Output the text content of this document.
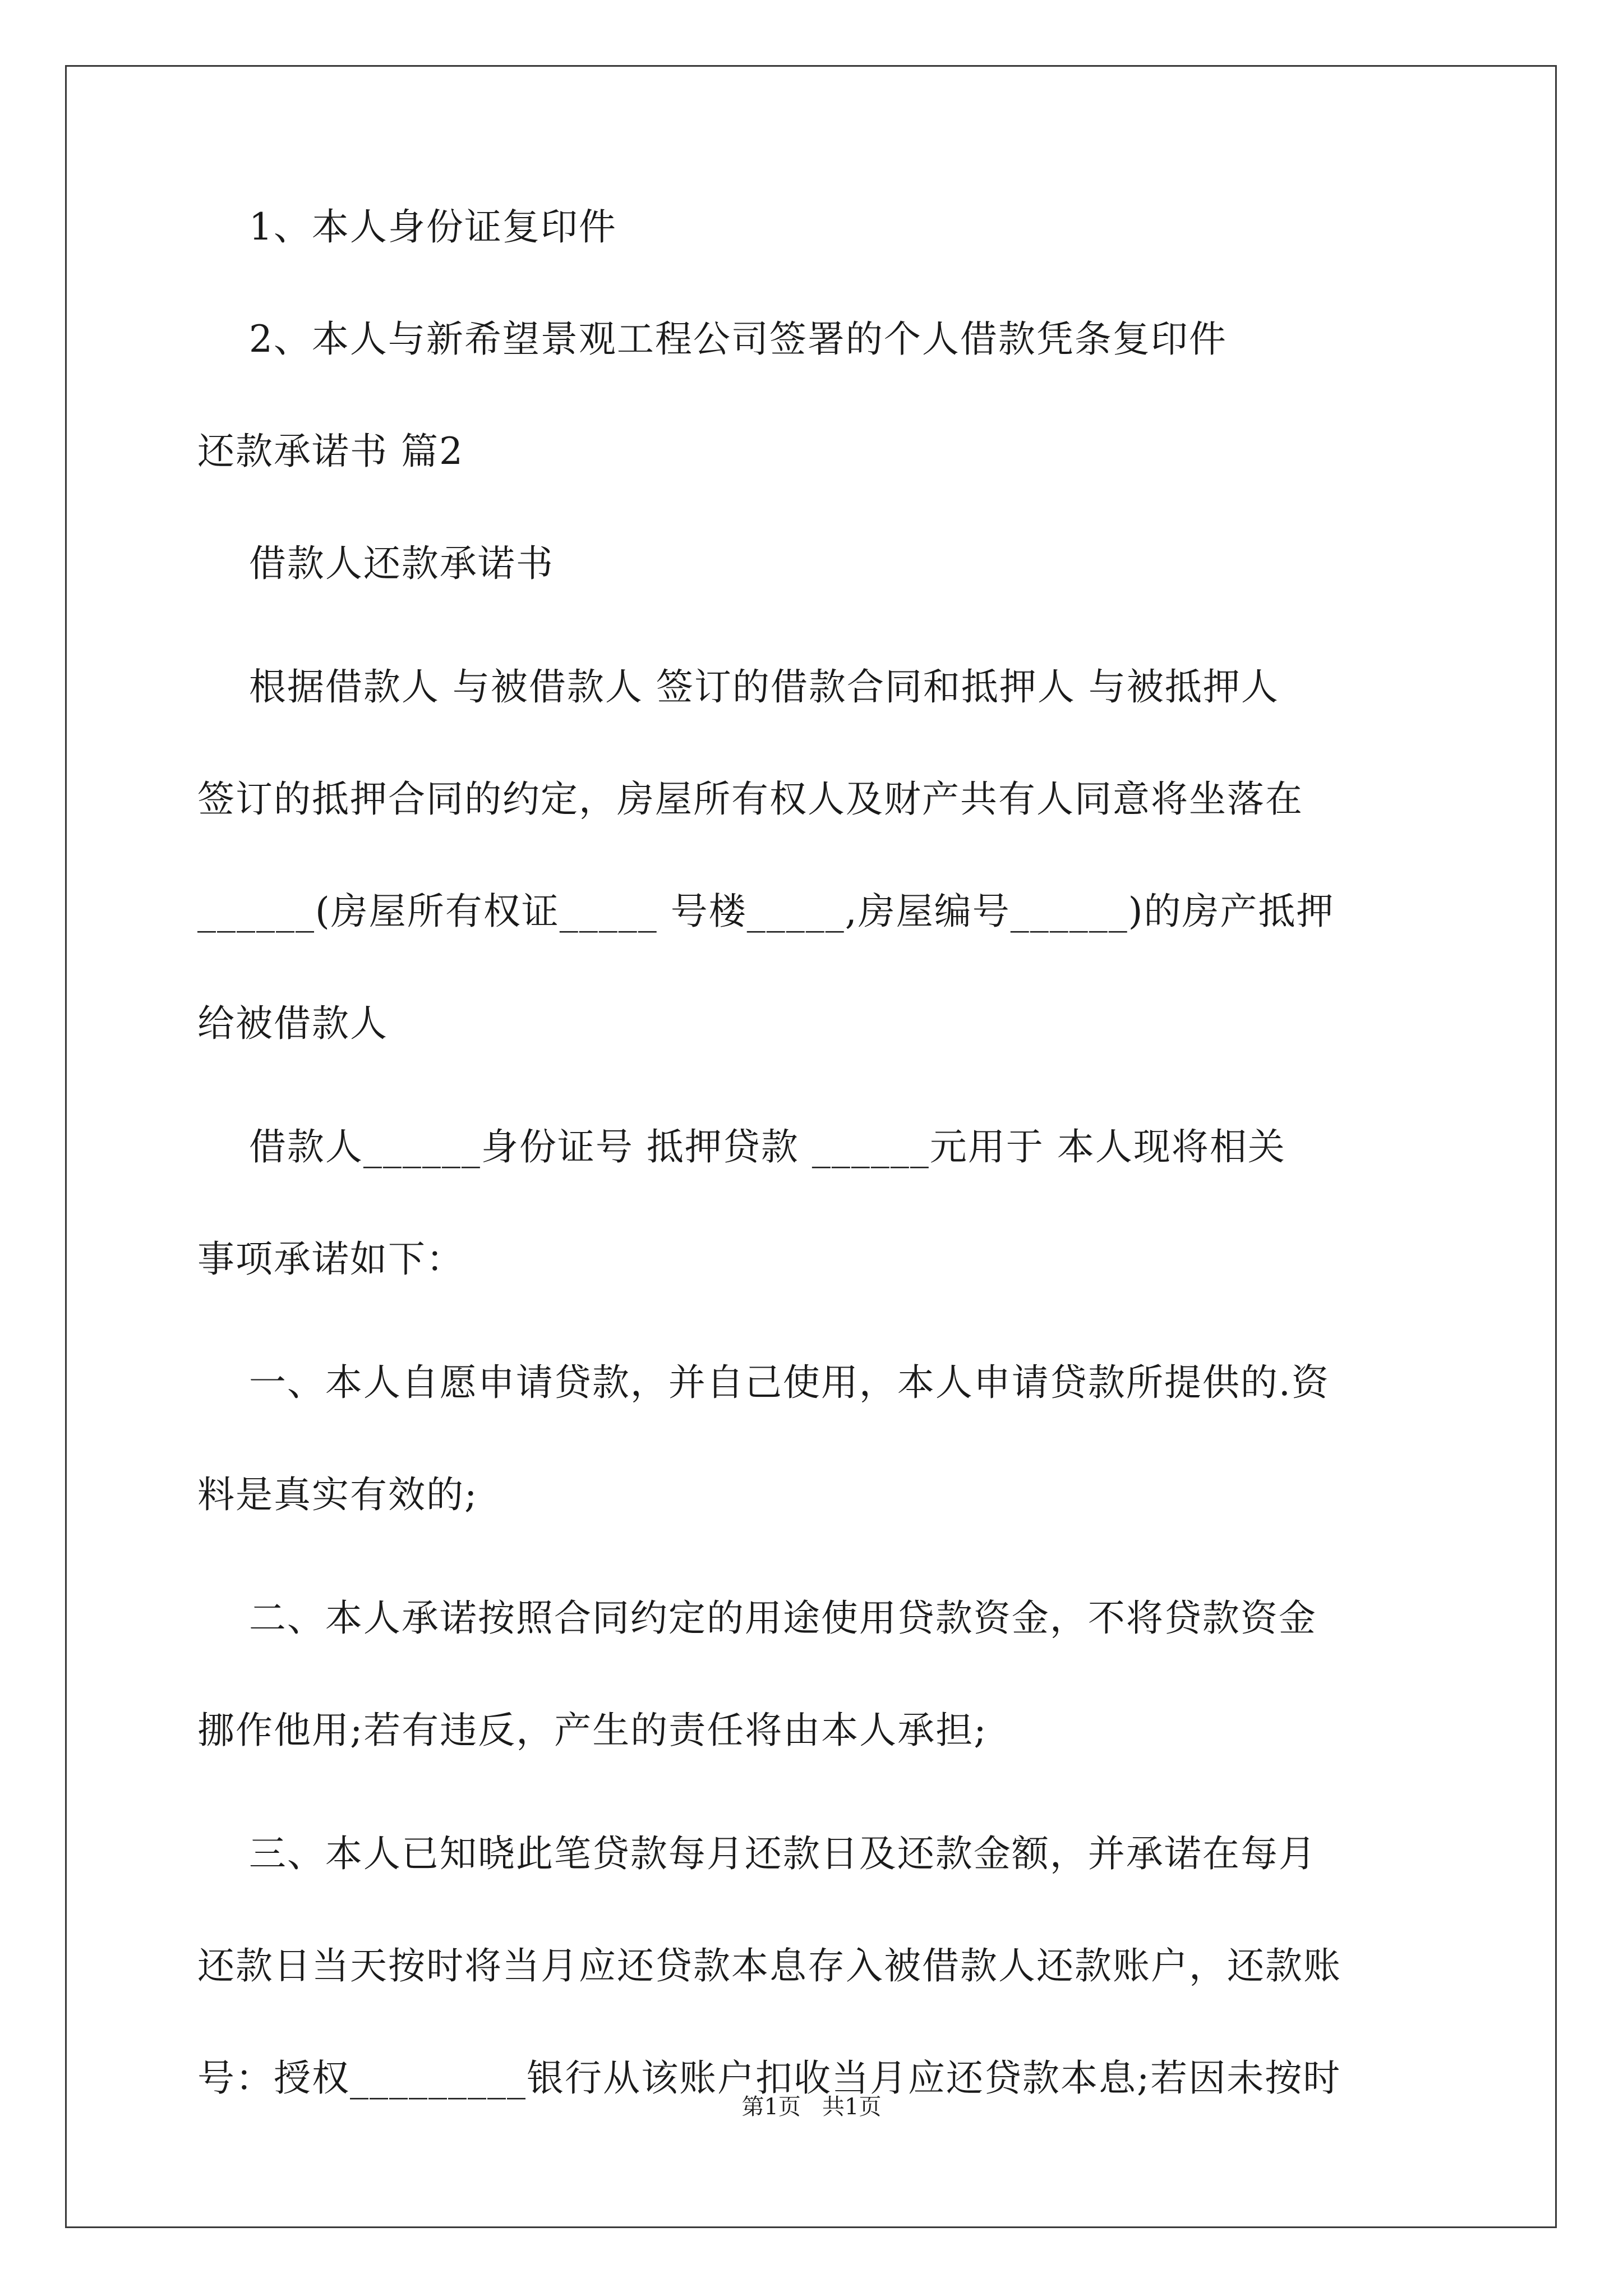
1、本人身份证复印件
2、本人与新希望景观工程公司签署的个人借款凭条复印件
还款承诺书 篇2
借款人还款承诺书
根据借款人 与被借款人 签订的借款合同和抵押人 与被抵押人
签订的抵押合同的约定，房屋所有权人及财产共有人同意将坐落在
______(房屋所有权证_____ 号楼_____,房屋编号______)的房产抵押
给被借款人
借款人______身份证号 抵押贷款 ______元用于 本人现将相关
事项承诺如下：
一、本人自愿申请贷款，并自己使用，本人申请贷款所提供的.资
料是真实有效的;
二、本人承诺按照合同约定的用途使用贷款资金，不将贷款资金
挪作他用;若有违反，产生的责任将由本人承担;
三、本人已知晓此笔贷款每月还款日及还款金额，并承诺在每月
还款日当天按时将当月应还贷款本息存入被借款人还款账户，还款账
号：授权_________银行从该账户扣收当月应还贷款本息;若因未按时
第1页   共1页
